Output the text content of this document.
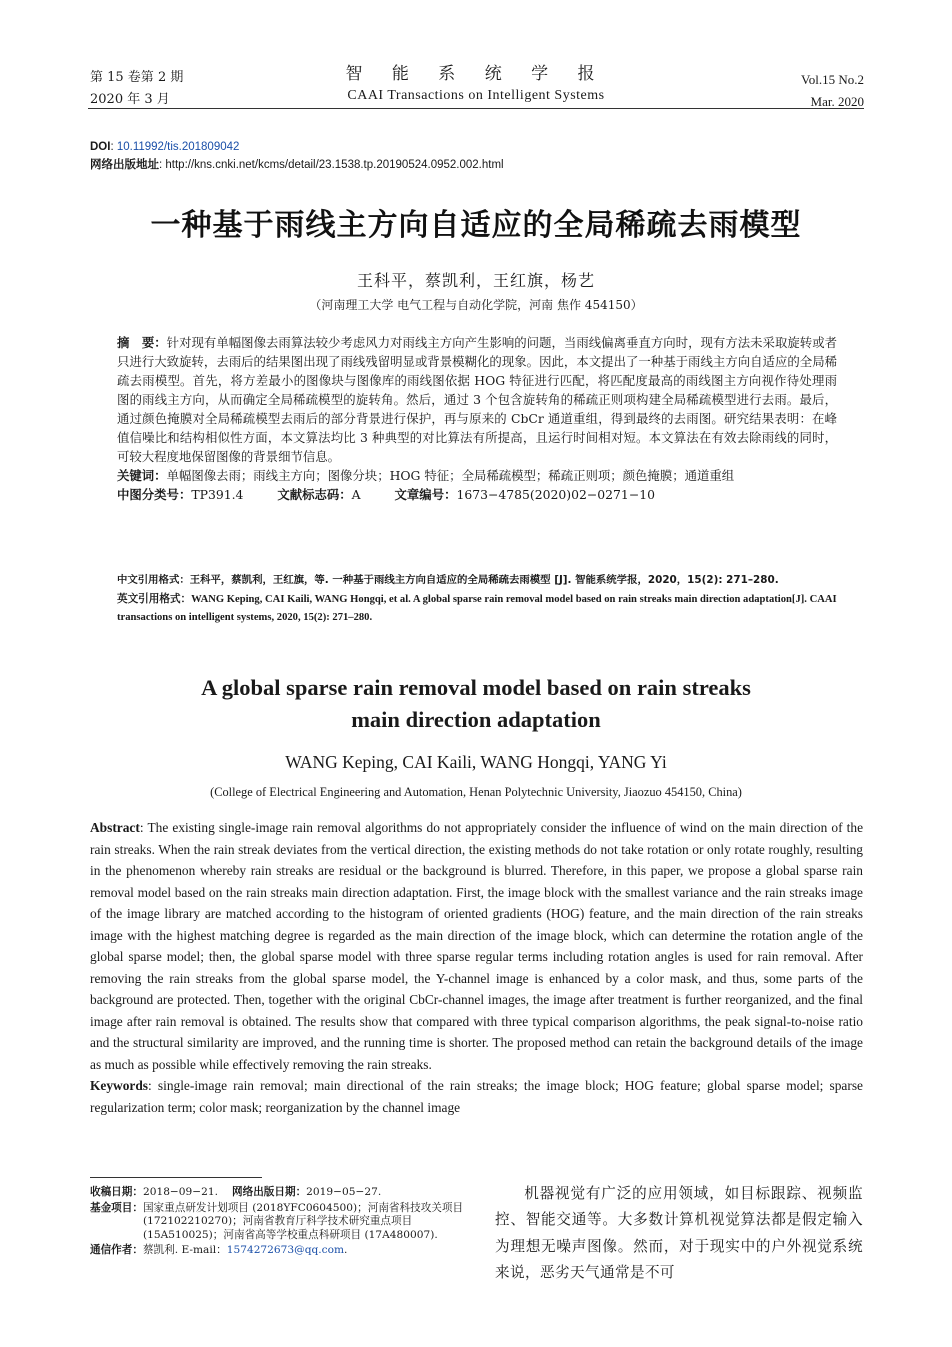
第 15 卷第 2 期
2020 年 3 月
智 能 系 统 学 报
CAAI Transactions on Intelligent Systems
Vol.15 No.2
Mar. 2020
DOI: 10.11992/tis.201809042
网络出版地址: http://kns.cnki.net/kcms/detail/23.1538.tp.20190524.0952.002.html
一种基于雨线主方向自适应的全局稀疏去雨模型
王科平，蔡凯利，王红旗，杨艺
（河南理工大学 电气工程与自动化学院，河南 焦作 454150）
摘　要：针对现有单幅图像去雨算法较少考虑风力对雨线主方向产生影响的问题，当雨线偏离垂直方向时，现有方法未采取旋转或者只进行大致旋转，去雨后的结果图出现了雨线残留明显或背景模糊化的现象。因此，本文提出了一种基于雨线主方向自适应的全局稀疏去雨模型。首先，将方差最小的图像块与图像库的雨线图依据 HOG 特征进行匹配，将匹配度最高的雨线图主方向视作待处理雨图的雨线主方向，从而确定全局稀疏模型的旋转角。然后，通过 3 个包含旋转角的稀疏正则项构建全局稀疏模型进行去雨。最后，通过颜色掩膜对全局稀疏模型去雨后的部分背景进行保护，再与原来的 CbCr 通道重组，得到最终的去雨图。研究结果表明：在峰值信噪比和结构相似性方面，本文算法均比 3 种典型的对比算法有所提高，且运行时间相对短。本文算法在有效去除雨线的同时，可较大程度地保留图像的背景细节信息。
关键词：单幅图像去雨；雨线主方向；图像分块；HOG 特征；全局稀疏模型；稀疏正则项；颜色掩膜；通道重组
中图分类号：TP391.4	文献标志码：A	文章编号：1673−4785(2020)02−0271−10

中文引用格式：王科平，蔡凯利，王红旗，等. 一种基于雨线主方向自适应的全局稀疏去雨模型 [J]. 智能系统学报，2020，15(2): 271–280.

英文引用格式：WANG Keping, CAI Kaili, WANG Hongqi, et al. A global sparse rain removal model based on rain streaks main direction adaptation[J]. CAAI transactions on intelligent systems, 2020, 15(2): 271–280.

A global sparse rain removal model based on rain streaks
main direction adaptation
WANG Keping, CAI Kaili, WANG Hongqi, YANG Yi
(College of Electrical Engineering and Automation, Henan Polytechnic University, Jiaozuo 454150, China)

Abstract: The existing single-image rain removal algorithms do not appropriately consider the influence of wind on the main direction of the rain streaks. When the rain streak deviates from the vertical direction, the existing methods do not take rotation or only rotate roughly, resulting in the phenomenon whereby rain streaks are residual or the background is blurred. Therefore, in this paper, we propose a global sparse rain removal model based on the rain streaks main direction adaptation. First, the image block with the smallest variance and the rain streaks image of the image library are matched according to the histogram of oriented gradients (HOG) feature, and the main direction of the rain streaks image with the highest matching degree is regarded as the main direction of the image block, which can determine the rotation angle of the global sparse model; then, the global sparse model with three sparse regular terms including rotation angles is used for rain removal. After removing the rain streaks from the global sparse model, the Y-channel image is enhanced by a color mask, and thus, some parts of the background are protected. Then, together with the original CbCr-channel images, the image after treatment is further reorganized, and the final image after rain removal is obtained. The results show that compared with three typical comparison algorithms, the peak signal-to-noise ratio and the structural similarity are improved, and the running time is shorter. The proposed method can retain the background details of the image as much as possible while effectively removing the rain streaks.

Keywords: single-image rain removal; main directional of the rain streaks; the image block; HOG feature; global sparse model; sparse regularization term; color mask; reorganization by the channel image

收稿日期： 2018−09−21. 网络出版日期： 2019−05−27.
基金项目： 国家重点研发计划项目 (2018YFC0604500)；河南省科技攻关项目 (172102210270)；河南省教育厅科学技术研究重点项目 (15A510025)；河南省高等学校重点科研项目 (17A480007).
通信作者： 蔡凯利. E-mail：1574272673@qq.com.

机器视觉有广泛的应用领域，如目标跟踪、视频监控、智能交通等。大多数计算机视觉算法都是假定输入为理想无噪声图像。然而，对于现实中的户外视觉系统来说，恶劣天气通常是不可
